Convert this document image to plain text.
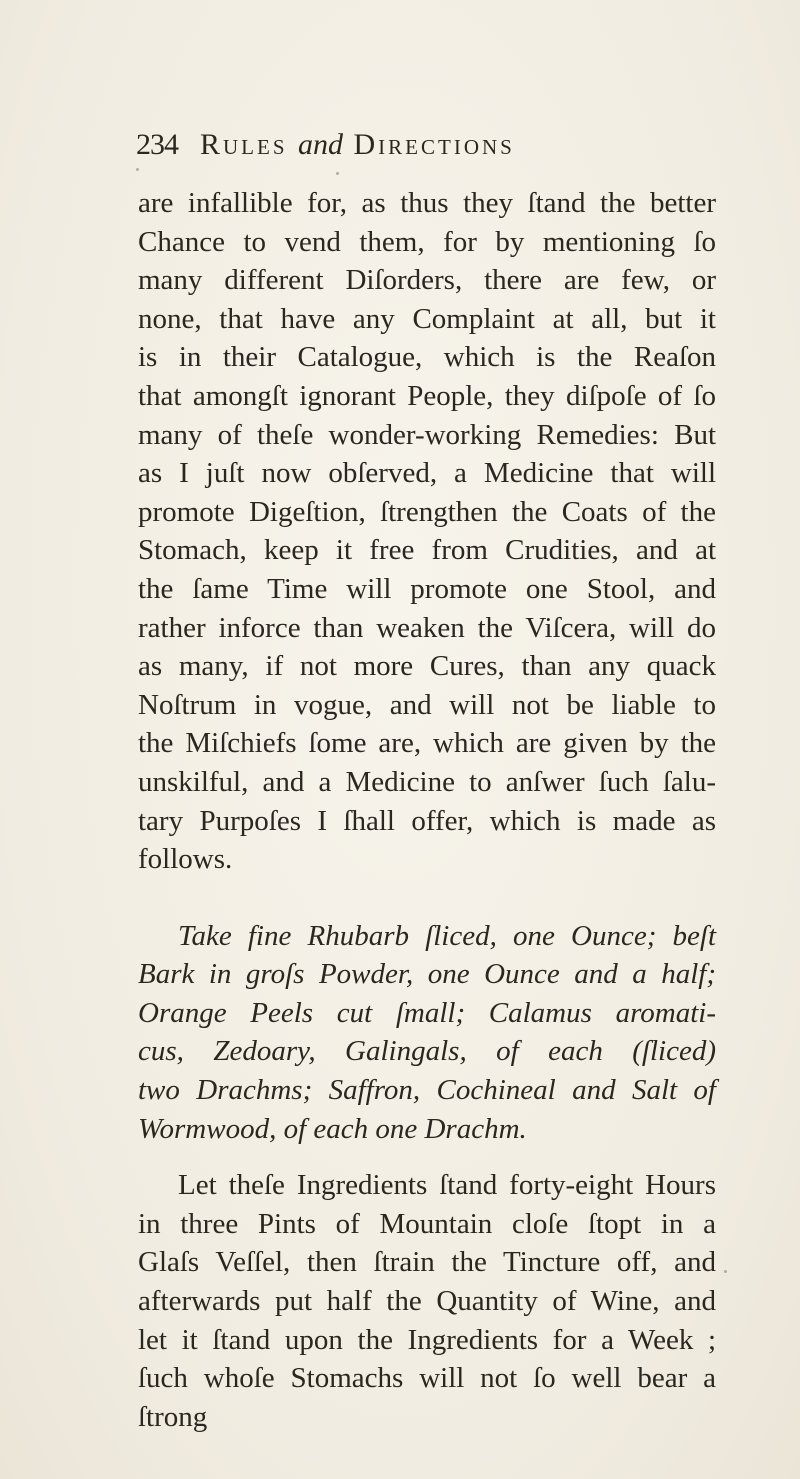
234 Rules and Directions

are infallible for, as thus they ſtand the better
Chance to vend them, for by mentioning ſo
many different Diſorders, there are few, or
none, that have any Complaint at all, but it
is in their Catalogue, which is the Reaſon
that amongſt ignorant People, they diſpoſe of ſo
many of theſe wonder-working Remedies: But
as I juſt now obſerved, a Medicine that will
promote Digeſtion, ſtrengthen the Coats of the
Stomach, keep it free from Crudities, and at
the ſame Time will promote one Stool, and
rather inforce than weaken the Viſcera, will do
as many, if not more Cures, than any quack
Noſtrum in vogue, and will not be liable to
the Miſchiefs ſome are, which are given by the
unskilful, and a Medicine to anſwer ſuch ſalu-
tary Purpoſes I ſhall offer, which is made as
follows.

Take fine Rhubarb ſliced, one Ounce; beſt
Bark in groſs Powder, one Ounce and a half;
Orange Peels cut ſmall; Calamus aromati-
cus, Zedoary, Galingals, of each (ſliced)
two Drachms; Saffron, Cochineal and Salt of
Wormwood, of each one Drachm.

Let theſe Ingredients ſtand forty-eight Hours
in three Pints of Mountain cloſe ſtopt in a
Glaſs Veſſel, then ſtrain the Tincture off, and
afterwards put half the Quantity of Wine, and
let it ſtand upon the Ingredients for a Week ;
ſuch whoſe Stomachs will not ſo well bear a

ſtrong
